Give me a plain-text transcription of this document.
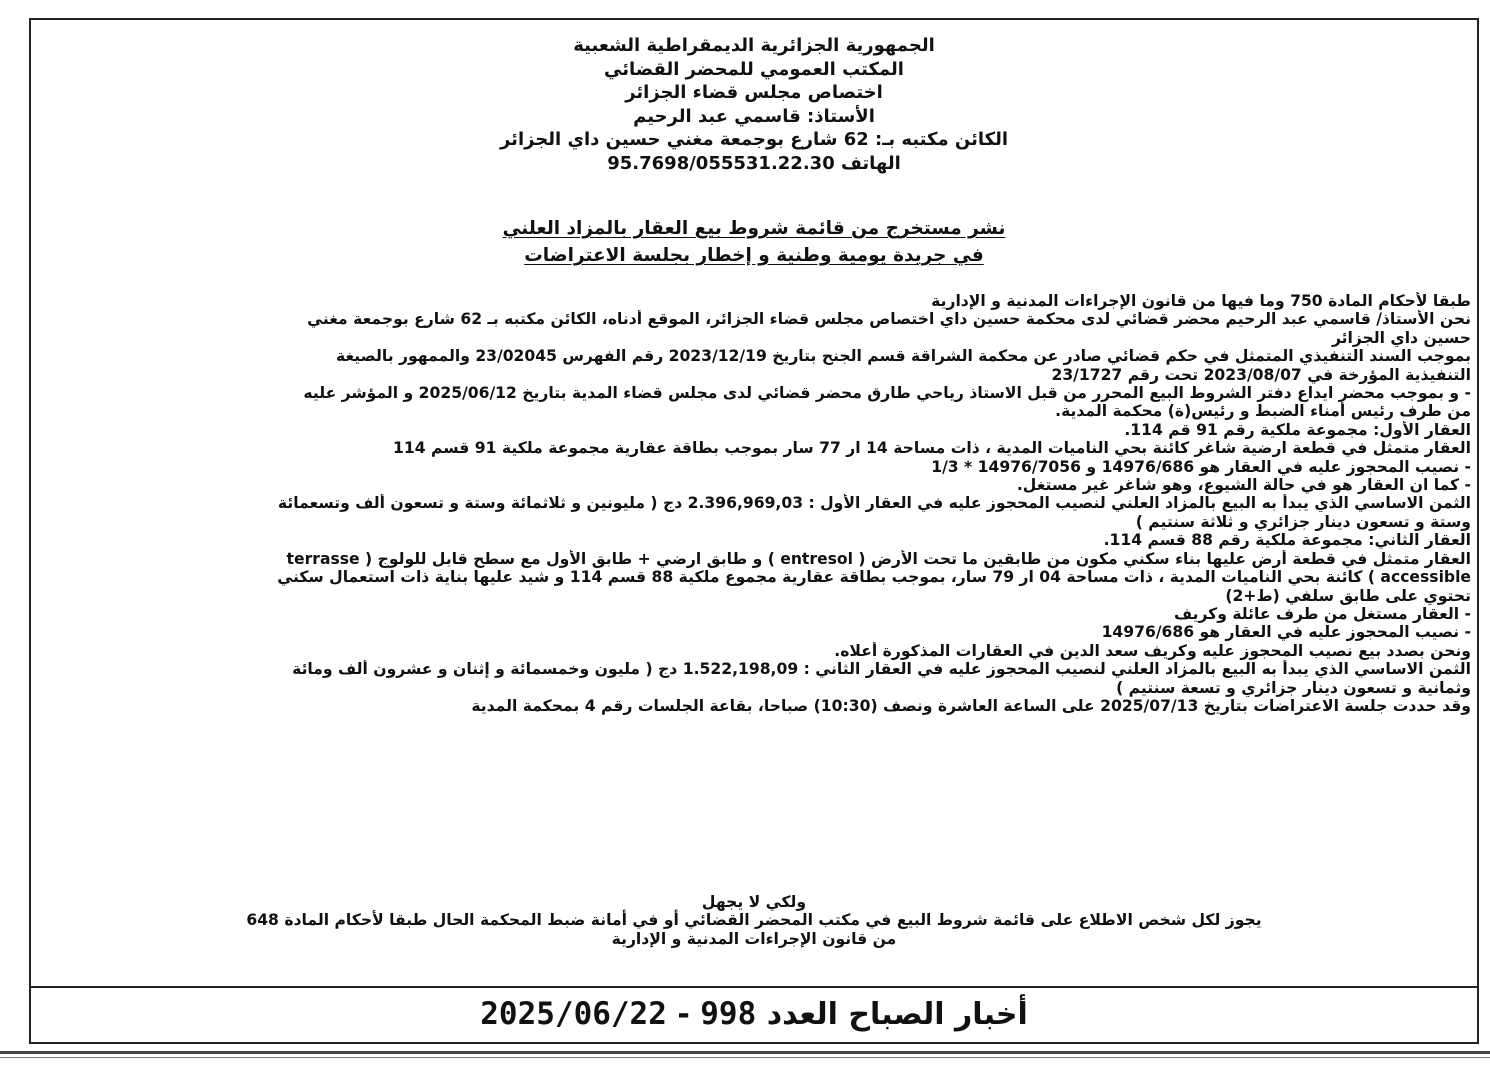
الجمهورية الجزائرية الديمقراطية الشعبية
المكتب العمومي للمحضر القضائي
اختصاص مجلس قضاء الجزائر
الأستاذ: قاسمي عبد الرحيم
الكائن مكتبه بـ: 62 شارع بوجمعة مغني حسين داي الجزائر
الهاتف 95.7698/055531.22.30
نشر مستخرج من قائمة شروط بيع العقار بالمزاد العلني
في جريدة يومية وطنية و إخطار بجلسة الاعتراضات

طبقا لأحكام المادة 750 وما فيها من قانون الإجراءات المدنية و الإدارية

نحن الأستاذ/ قاسمي عبد الرحيم محضر قضائي لدى محكمة حسين داي اختصاص مجلس قضاء الجزائر، الموقع أدناه، الكائن مكتبه بـ 62 شارع بوجمعة مغني

حسين داي الجزائر

بموجب السند التنفيذي المتمثل في حكم قضائي صادر عن محكمة الشراقة قسم الجنح بتاريخ 2023/12/19 رقم الفهرس 23/02045 والممهور بالصيغة

التنفيذية المؤرخة في 2023/08/07 تحت رقم 23/1727

- و بموجب محضر ايداع دفتر الشروط البيع المحرر من قبل الاستاذ رياحي طارق محضر قضائي لدى مجلس قضاء المدية بتاريخ 2025/06/12 و المؤشر عليه

من طرف رئيس أمناء الضبط و رئيس(ة) محكمة المدية.

العقار الأول: مجموعة ملكية رقم 91 قم 114.

العقار متمثل في قطعة ارضية شاغر كائنة بحي الناميات المدية ، ذات مساحة 14 ار 77 سار بموجب بطاقة عقارية مجموعة ملكية 91 قسم 114

- نصيب المحجوز عليه في العقار هو 14976/686 و 14976/7056 * 1/3

- كما ان العقار هو في حالة الشيوع، وهو شاغر غير مستغل.

الثمن الاساسي الذي يبدأ به البيع بالمزاد العلني لنصيب المحجوز عليه في العقار الأول : 2.396,969,03 دج ( مليونين و ثلاثمائة وستة و تسعون ألف وتسعمائة

وستة و تسعون دينار جزائري و ثلاثة سنتيم )

العقار الثاني: مجموعة ملكية رقم 88 قسم 114.

العقار متمثل في قطعة أرض عليها بناء سكني مكون من طابقين ما تحت الأرض ( entresol ) و طابق ارضي + طابق الأول مع سطح قابل للولوج ( terrasse

accessible ) كائنة بحي الناميات المدية ، ذات مساحة 04 ار 79 سار، بموجب بطاقة عقارية مجموع ملكية 88 قسم 114 و شيد عليها بناية ذات استعمال سكني

تحتوي على طابق سلفي (ط+2)

- العقار مستغل من طرف عائلة وكريف

- نصيب المحجوز عليه في العقار هو 14976/686

ونحن بصدد بيع نصيب المحجوز عليه وكريف سعد الدين في العقارات المذكورة أعلاه.

الثمن الاساسي الذي يبدأ به البيع بالمزاد العلني لنصيب المحجوز عليه في العقار الثاني : 1.522,198,09 دج ( مليون وخمسمائة و إثنان و عشرون ألف ومائة

وثمانية و تسعون دينار جزائري و تسعة سنتيم )

وقد حددت جلسة الاعتراضات بتاريخ 2025/07/13 على الساعة العاشرة ونصف (10:30) صباحا، بقاعة الجلسات رقم 4 بمحكمة المدية

ولكي لا يجهل
يجوز لكل شخص الاطلاع على قائمة شروط البيع في مكتب المحضر القضائي أو في أمانة ضبط المحكمة الحال طبقا لأحكام المادة 648
من قانون الإجراءات المدنية و الإدارية
أخبار الصباح العدد 998 - 2025/06/22
